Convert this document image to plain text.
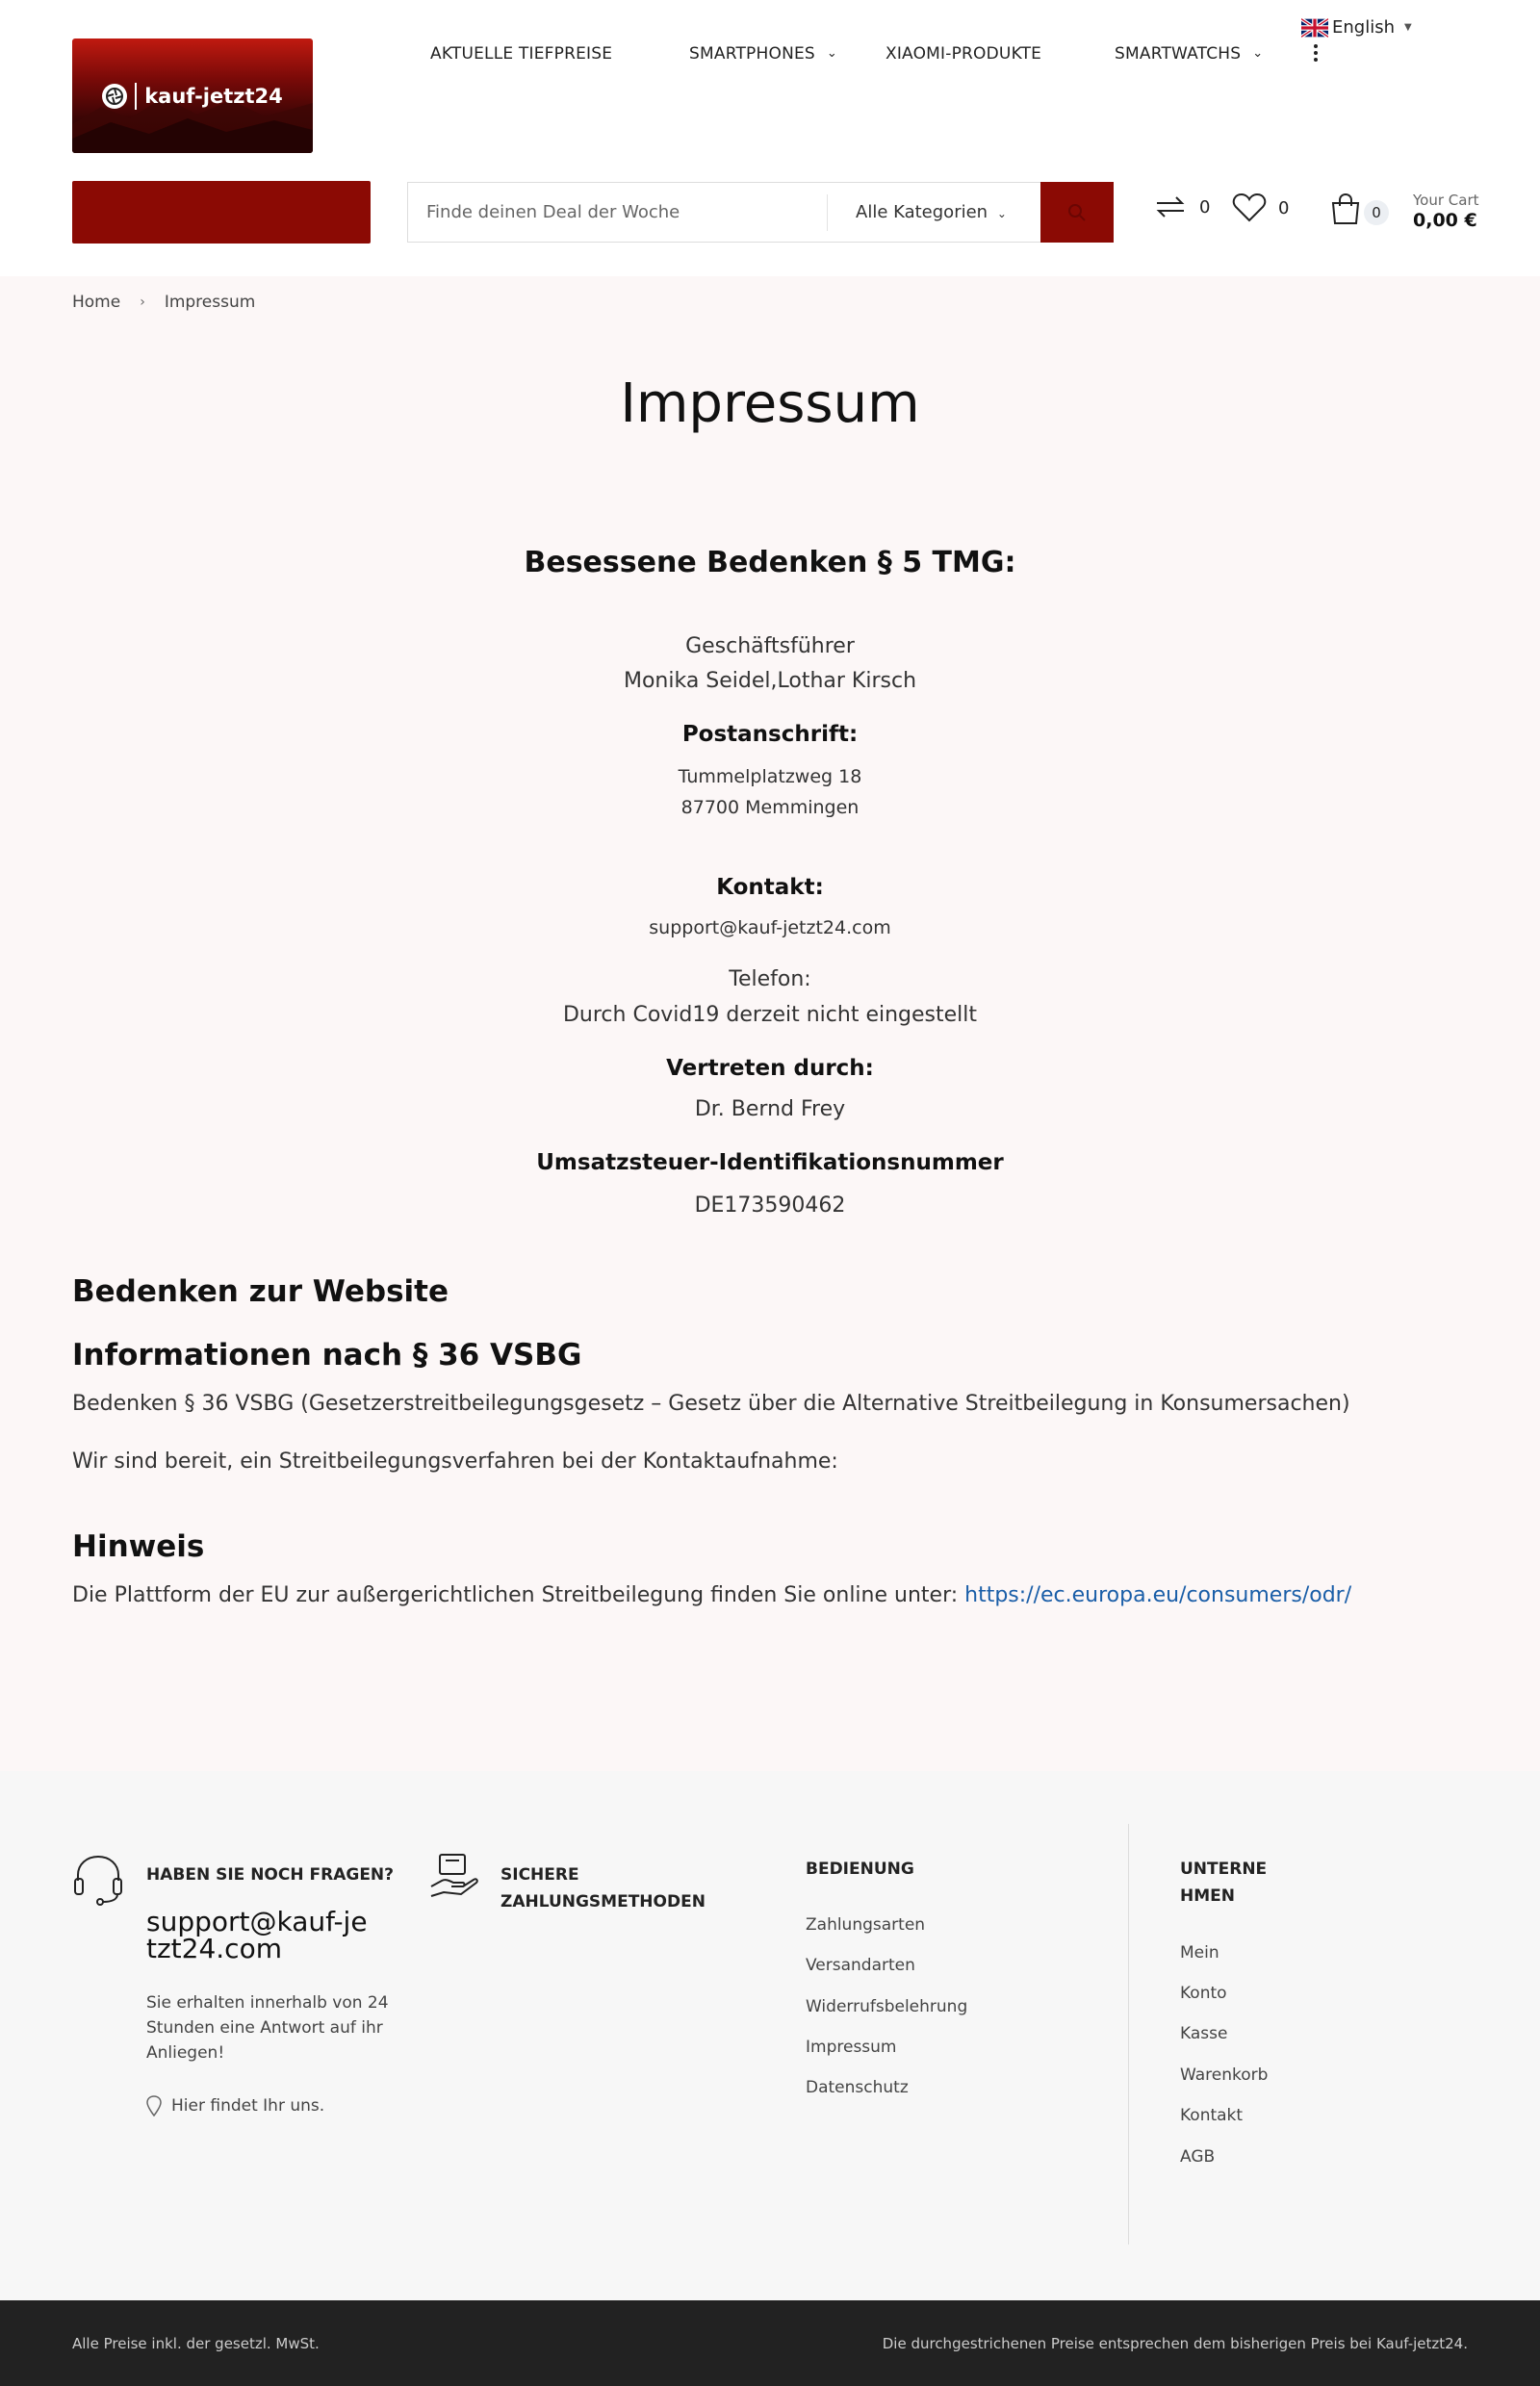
kauf-jetzt24
AKTUELLE TIEFPREISE	SMARTPHONES ⌄	XIAOMI-PRODUKTE	SMARTWATCHS ⌄
English ▼
Finde deinen Deal der Woche
Alle Kategorien ⌄	0	0	0
Your Cart
0,00 €
Home › Impressum
Impressum
Besessene Bedenken § 5 TMG:
Geschäftsführer
Monika Seidel,Lothar Kirsch
Postanschrift:
Tummelplatzweg 18
87700 Memmingen
Kontakt:
support@kauf-jetzt24.com
Telefon:
Durch Covid19 derzeit nicht eingestellt
Vertreten durch:
Dr. Bernd Frey
Umsatzsteuer-Identifikationsnummer
DE173590462
Bedenken zur Website
Informationen nach § 36 VSBG
Bedenken § 36 VSBG (Gesetzerstreitbeilegungsgesetz – Gesetz über die Alternative Streitbeilegung in Konsumersachen)
Wir sind bereit, ein Streitbeilegungsverfahren bei der Kontaktaufnahme:
Hinweis
Die Plattform der EU zur außergerichtlichen Streitbeilegung finden Sie online unter: https://ec.europa.eu/consumers/odr/
HABEN SIE NOCH FRAGEN?
support@kauf-jetzt24.com
Sie erhalten innerhalb von 24 Stunden eine Antwort auf ihr Anliegen!
Hier findet Ihr uns.
SICHERE ZAHLUNGSMETHODEN
BEDIENUNG
Zahlungsarten
Versandarten
Widerrufsbelehrung
Impressum
Datenschutz
UNTERNEHMEN
Mein
Konto
Kasse
Warenkorb
Kontakt
AGB
Alle Preise inkl. der gesetzl. MwSt.	Die durchgestrichenen Preise entsprechen dem bisherigen Preis bei Kauf-jetzt24.
